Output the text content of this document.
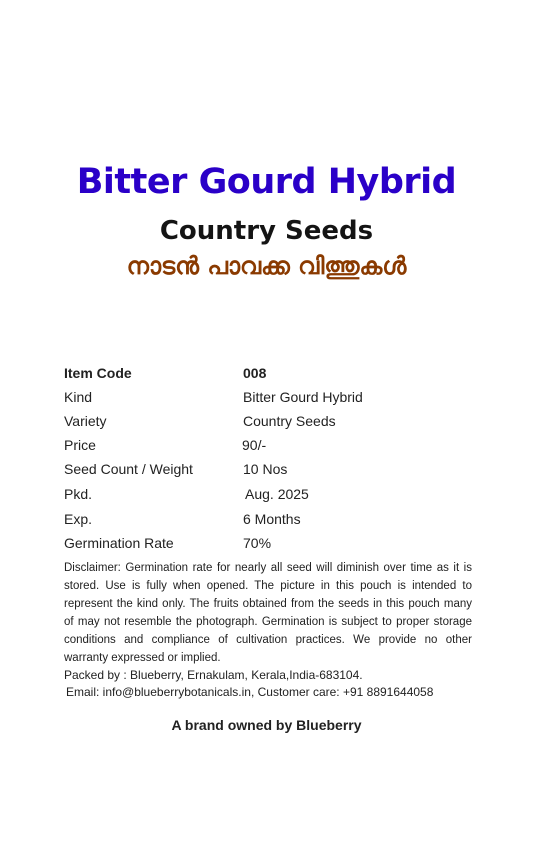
Bitter Gourd Hybrid
Country Seeds
നാടൻ പാവക്ക വിത്തുകൾ
Item Code	008
Kind	Bitter Gourd Hybrid
Variety	Country Seeds
Price	90/-
Seed Count / Weight	10 Nos
Pkd.	Aug. 2025
Exp.	6 Months
Germination Rate	70%
Disclaimer: Germination rate for nearly all seed will diminish over time as it is stored. Use is fully when opened. The picture in this pouch is intended to represent the kind only. The fruits obtained from the seeds in this pouch many of may not resemble the photograph. Germination is subject to proper storage conditions and compliance of cultivation practices. We provide no other warranty expressed or implied.
Packed by : Blueberry, Ernakulam, Kerala,India-683104.
Email: info@blueberrybotanicals.in, Customer care: +91 8891644058
A brand owned by Blueberry
